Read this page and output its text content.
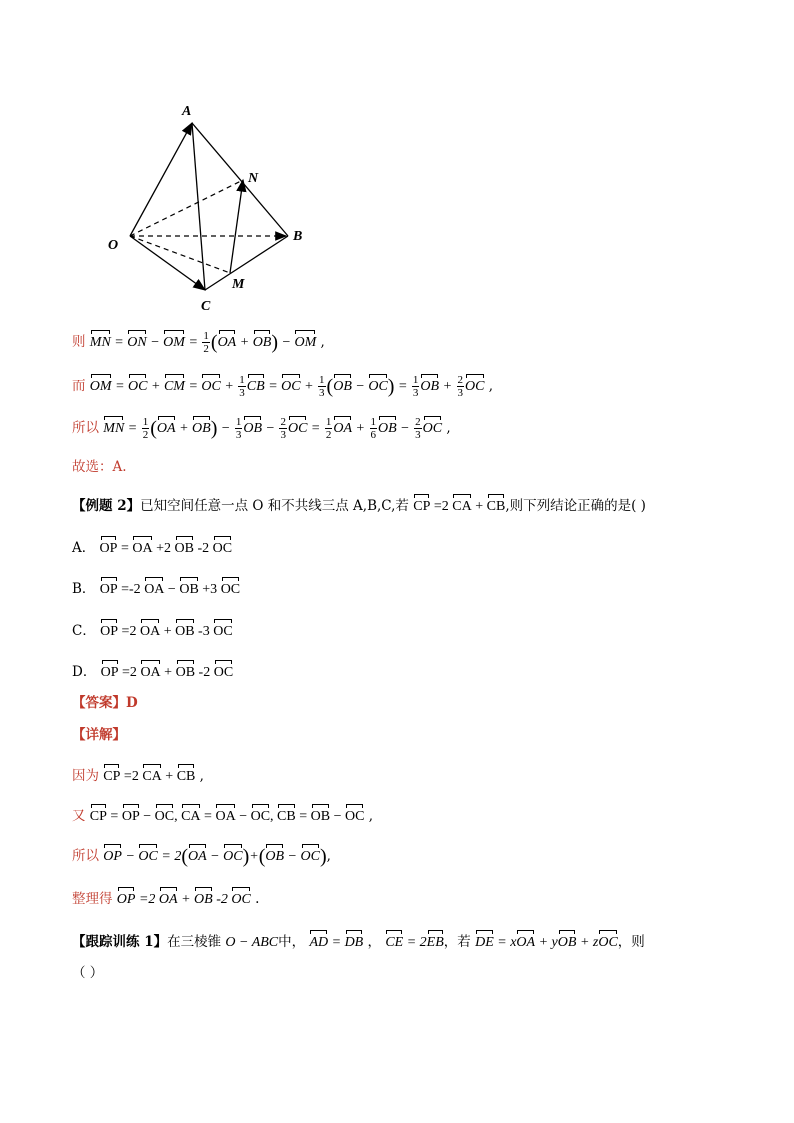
A
N
O
B
M
C
则 MN = ON − OM = $\frac{1}{2} (OA + OB)$ − OM ,
而 OM = OC + CM = OC + $\frac{1}{3}$ CB = OC + $\frac{1}{3} (OB - OC) = \frac{1}{3}$ OB + $\frac{2}{3}$ OC ,
所以 MN = $\frac{1}{2} (OA + OB) - \frac{1}{3}$ OB − $\frac{2}{3}$ OC = $\frac{1}{2}$ OA + $\frac{1}{6}$ OB − $\frac{2}{3}$ OC ,
故选：A.
【例题 2】已知空间任意一点 O 和不共线三点 A,B,C,若 CP =2 CA + CB,则下列结论正确的是( )
A． OP = OA +2 OB -2 OC
B． OP =-2 OA − OB +3 OC
C． OP =2 OA + OB -3 OC
D． OP =2 OA + OB -2 OC
【答案】D
【详解】
因为 CP =2 CA + CB ,
又 CP = OP − OC, CA = OA − OC, CB = OB − OC ,
所以 OP − OC = 2(OA − OC)+(OB − OC),
整理得 OP =2 OA + OB -2 OC .
【跟踪训练 1】在三棱锥 O − ABC中， AD = DB ， CE = 2EB，若 DE = xOA + yOB + zOC，则
（ ）
